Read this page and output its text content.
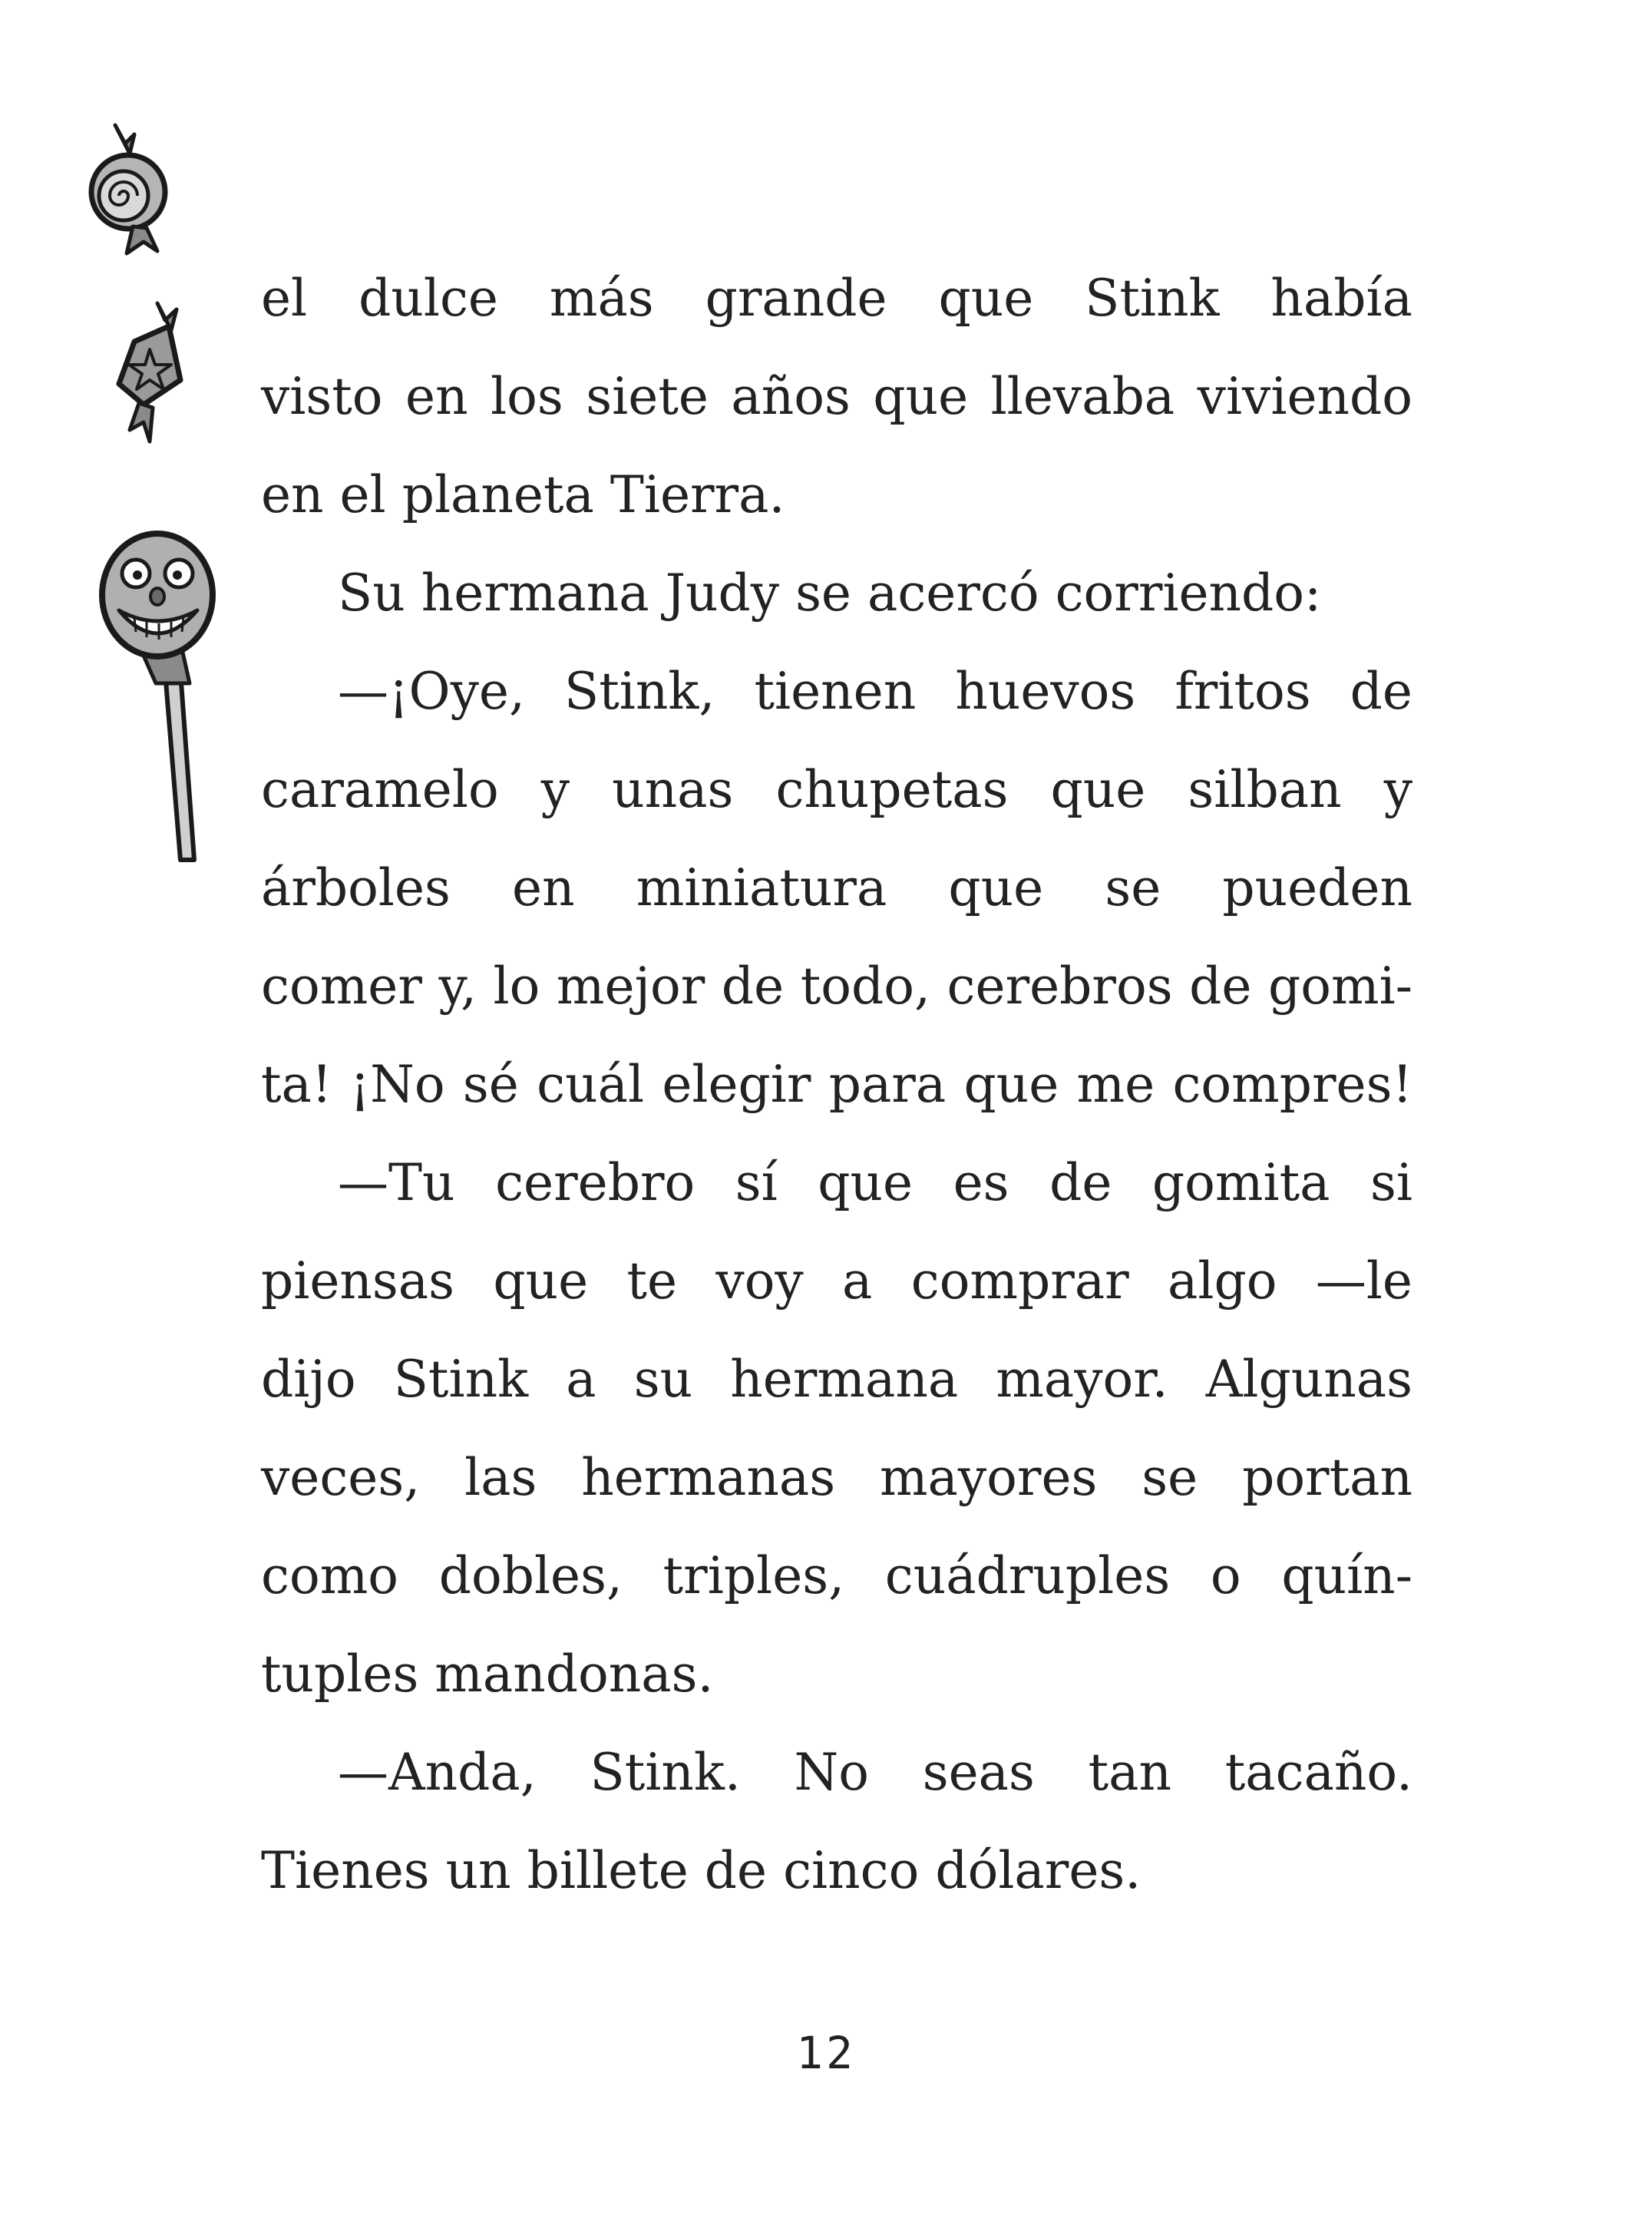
el dulce más grande que Stink había
visto en los siete años que llevaba viviendo
en el planeta Tierra.
Su hermana Judy se acercó corriendo:
—¡Oye, Stink, tienen huevos fritos de
caramelo y unas chupetas que silban y
árboles en miniatura que se pueden
comer y, lo mejor de todo, cerebros de gomi-
ta! ¡No sé cuál elegir para que me compres!
—Tu cerebro sí que es de gomita si
piensas que te voy a comprar algo —le
dijo Stink a su hermana mayor. Algunas
veces, las hermanas mayores se portan
como dobles, triples, cuádruples o quín-
tuples mandonas.
—Anda, Stink. No seas tan tacaño.
Tienes un billete de cinco dólares.
12
